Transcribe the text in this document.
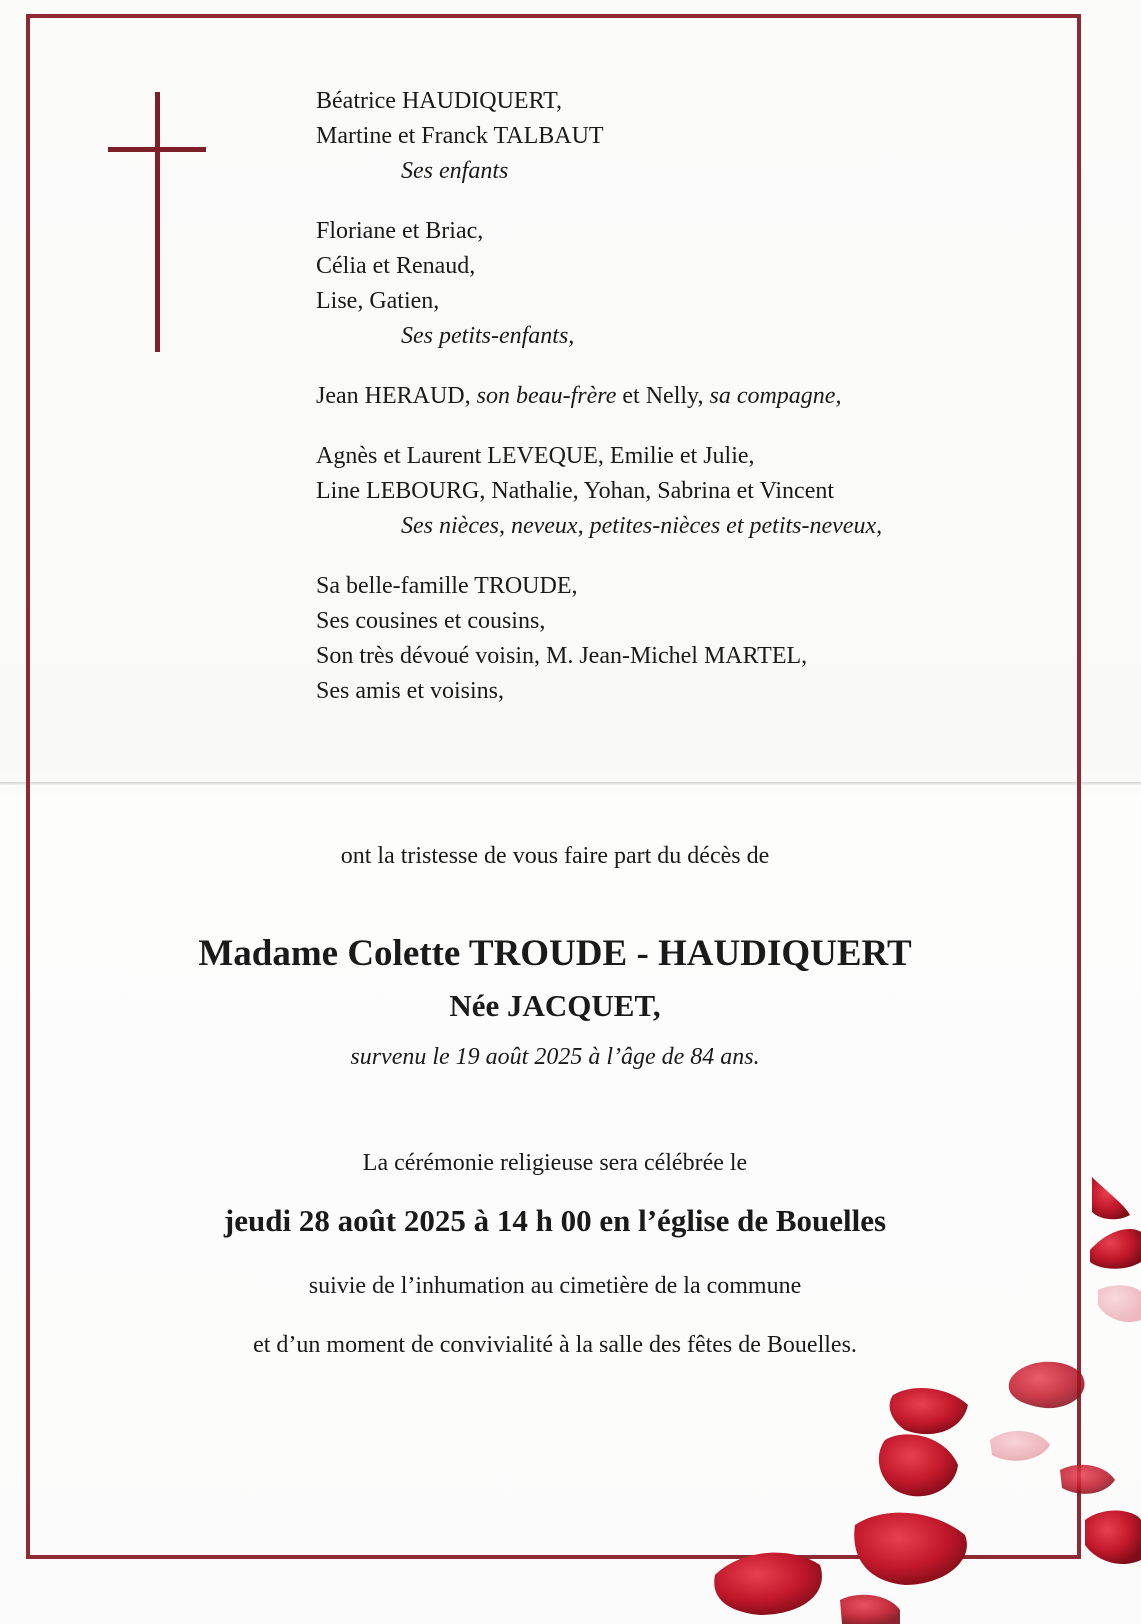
Béatrice HAUDIQUERT,
Martine et Franck TALBAUT
Ses enfants
Floriane et Briac,
Célia et Renaud,
Lise, Gatien,
Ses petits-enfants,
Jean HERAUD, son beau-frère et Nelly, sa compagne,
Agnès et Laurent LEVEQUE, Emilie et Julie,
Line LEBOURG, Nathalie, Yohan, Sabrina et Vincent
Ses nièces, neveux, petites-nièces et petits-neveux,
Sa belle-famille TROUDE,
Ses cousines et cousins,
Son très dévoué voisin, M. Jean-Michel MARTEL,
Ses amis et voisins,
ont la tristesse de vous faire part du décès de
Madame Colette TROUDE - HAUDIQUERT
Née JACQUET,
survenu le 19 août 2025 à l’âge de 84 ans.
La cérémonie religieuse sera célébrée le
jeudi 28 août 2025 à 14 h 00 en l’église de Bouelles
suivie de l’inhumation au cimetière de la commune
et d’un moment de convivialité à la salle des fêtes de Bouelles.
